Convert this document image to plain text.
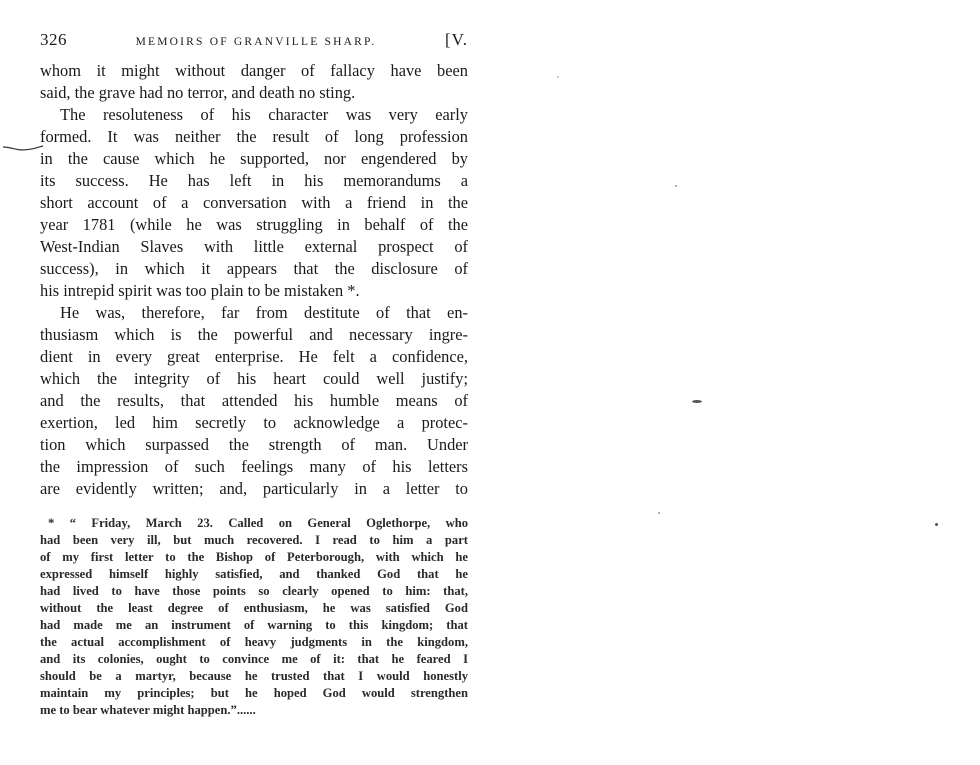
326	MEMOIRS OF GRANVILLE SHARP.	[V.
whom it might without danger of fallacy have been
said, the grave had no terror, and death no sting.
The resoluteness of his character was very early
formed. It was neither the result of long profession
in the cause which he supported, nor engendered by
its success. He has left in his memorandums a
short account of a conversation with a friend in the
year 1781 (while he was struggling in behalf of the
West-Indian Slaves with little external prospect of
success), in which it appears that the disclosure of
his intrepid spirit was too plain to be mistaken *.
He was, therefore, far from destitute of that en-
thusiasm which is the powerful and necessary ingre-
dient in every great enterprise. He felt a confidence,
which the integrity of his heart could well justify;
and the results, that attended his humble means of
exertion, led him secretly to acknowledge a protec-
tion which surpassed the strength of man. Under
the impression of such feelings many of his letters
are evidently written; and, particularly in a letter to
* “ Friday, March 23. Called on General Oglethorpe, who
had been very ill, but much recovered. I read to him a part
of my first letter to the Bishop of Peterborough, with which he
expressed himself highly satisfied, and thanked God that he
had lived to have those points so clearly opened to him: that,
without the least degree of enthusiasm, he was satisfied God
had made me an instrument of warning to this kingdom; that
the actual accomplishment of heavy judgments in the kingdom,
and its colonies, ought to convince me of it: that he feared I
should be a martyr, because he trusted that I would honestly
maintain my principles; but he hoped God would strengthen
me to bear whatever might happen.”......
